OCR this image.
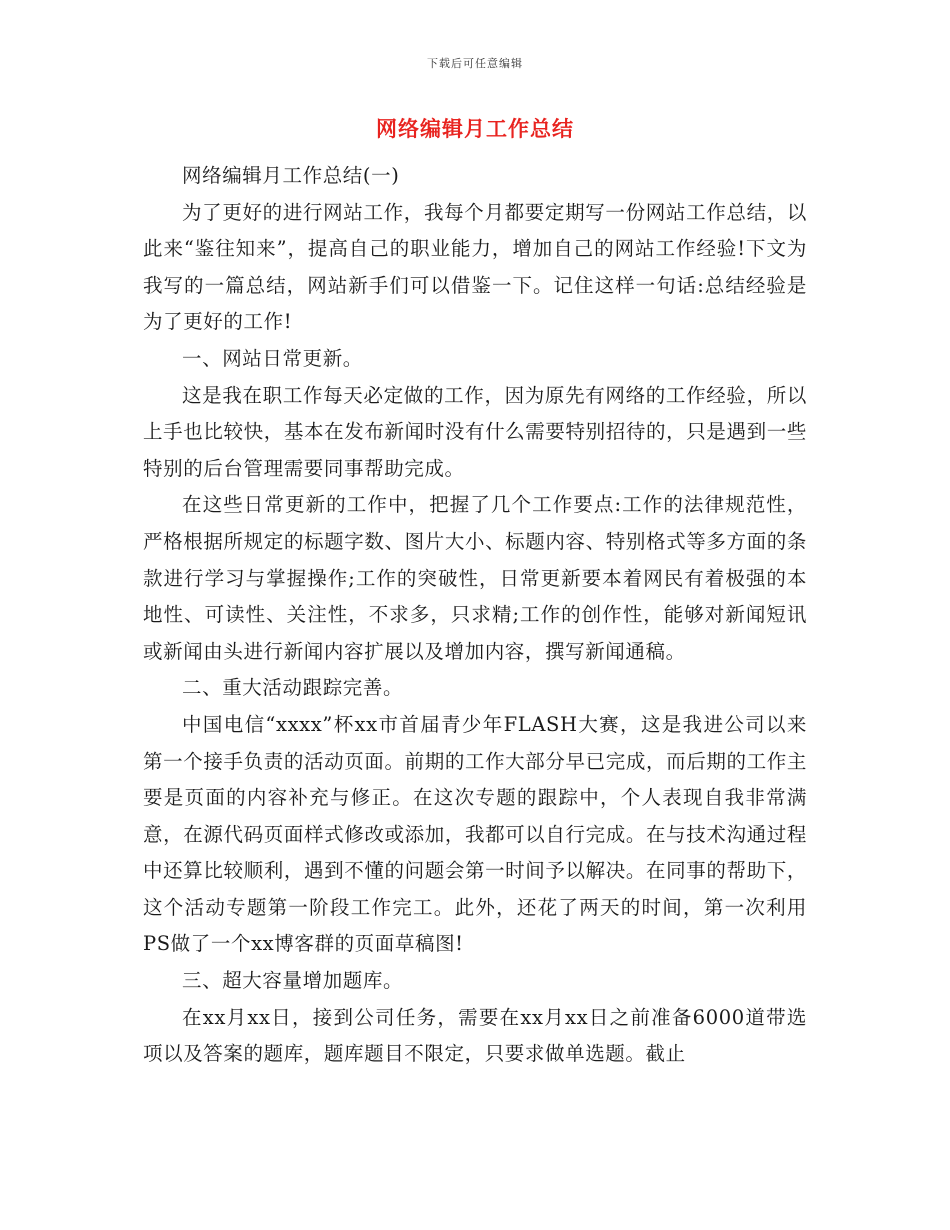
下载后可任意编辑
网络编辑月工作总结

网络编辑月工作总结(一)

为了更好的进行网站工作，我每个月都要定期写一份网站工作总结，以此来“鉴往知来”，提高自己的职业能力，增加自己的网站工作经验!下文为我写的一篇总结，网站新手们可以借鉴一下。记住这样一句话:总结经验是为了更好的工作!

一、网站日常更新。

这是我在职工作每天必定做的工作，因为原先有网络的工作经验，所以上手也比较快，基本在发布新闻时没有什么需要特别招待的，只是遇到一些特别的后台管理需要同事帮助完成。

在这些日常更新的工作中，把握了几个工作要点:工作的法律规范性，严格根据所规定的标题字数、图片大小、标题内容、特别格式等多方面的条款进行学习与掌握操作;工作的突破性，日常更新要本着网民有着极强的本地性、可读性、关注性，不求多，只求精;工作的创作性，能够对新闻短讯或新闻由头进行新闻内容扩展以及增加内容，撰写新闻通稿。

二、重大活动跟踪完善。

中国电信“xxxx”杯xx市首届青少年FLASH大赛，这是我进公司以来第一个接手负责的活动页面。前期的工作大部分早已完成，而后期的工作主要是页面的内容补充与修正。在这次专题的跟踪中，个人表现自我非常满意，在源代码页面样式修改或添加，我都可以自行完成。在与技术沟通过程中还算比较顺利，遇到不懂的问题会第一时间予以解决。在同事的帮助下，这个活动专题第一阶段工作完工。此外，还花了两天的时间，第一次利用PS做了一个xx博客群的页面草稿图!

三、超大容量增加题库。

在xx月xx日，接到公司任务，需要在xx月xx日之前准备6000道带选项以及答案的题库，题库题目不限定，只要求做单选题。截止
